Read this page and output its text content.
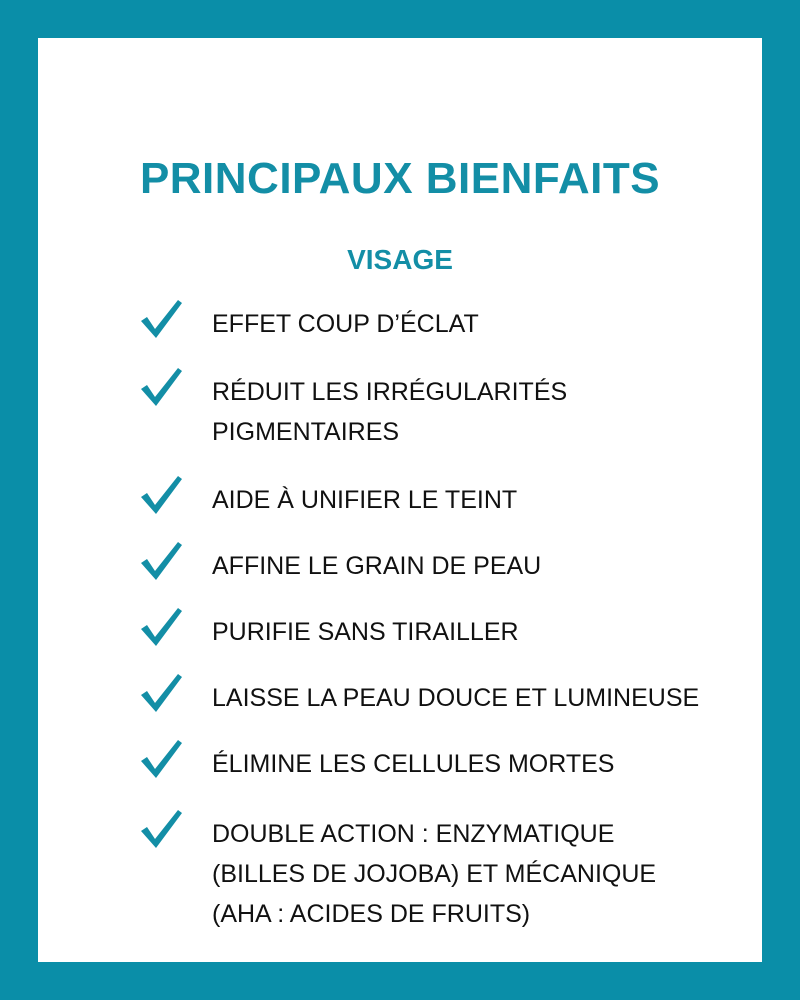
PRINCIPAUX BIENFAITS
VISAGE
EFFET COUP D’ÉCLAT
RÉDUIT LES IRRÉGULARITÉS
PIGMENTAIRES
AIDE À UNIFIER LE TEINT
AFFINE LE GRAIN DE PEAU
PURIFIE SANS TIRAILLER
LAISSE LA PEAU DOUCE ET LUMINEUSE
ÉLIMINE LES CELLULES MORTES
DOUBLE ACTION : ENZYMATIQUE
(BILLES DE JOJOBA) ET MÉCANIQUE
(AHA : ACIDES DE FRUITS)
